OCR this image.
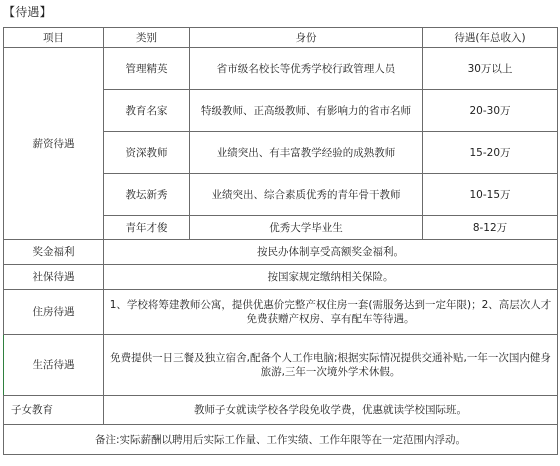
【待遇】
项目	类别	身份	待遇(年总收入)
薪资待遇	管理精英	省市级名校长等优秀学校行政管理人员	30万以上
	教育名家	特级教师、正高级教师、有影响力的省市名师	20-30万
	资深教师	业绩突出、有丰富教学经验的成熟教师	15-20万
	教坛新秀	业绩突出、综合素质优秀的青年骨干教师	10-15万
	青年才俊	优秀大学毕业生	8-12万
奖金福利	按民办体制享受高额奖金福利。		
社保待遇	按国家规定缴纳相关保险。		
住房待遇	1、学校将筹建教师公寓，提供优惠价完整产权住房一套(需服务达到一定年限)；2、高层次人才免费获赠产权房、享有配车等待遇。		
生活待遇	免费提供一日三餐及独立宿舍,配备个人工作电脑;根据实际情况提供交通补贴,一年一次国内健身旅游,三年一次境外学术休假。		
子女教育	教师子女就读学校各学段免收学费，优惠就读学校国际班。		
备注:实际薪酬以聘用后实际工作量、工作实绩、工作年限等在一定范围内浮动。			
